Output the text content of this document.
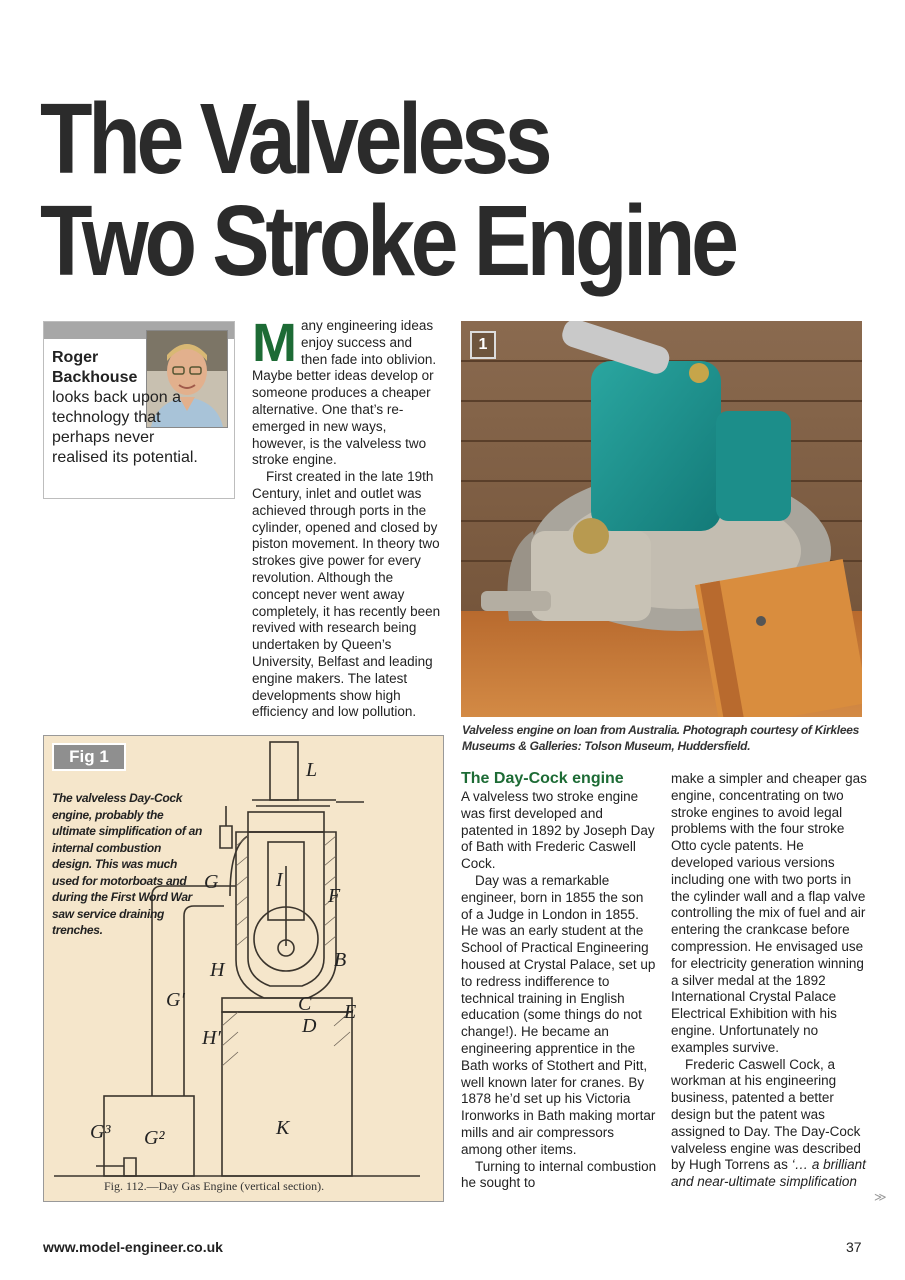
The Valveless
Two Stroke Engine
Roger
Backhouse
looks back upon a technology that perhaps never realised its potential.
M any engineering ideas enjoy success and then fade into oblivion. Maybe better ideas develop or someone produces a cheaper alternative. One that’s re-emerged in new ways, however, is the valveless two stroke engine.

First created in the late 19th Century, inlet and outlet was achieved through ports in the cylinder, opened and closed by piston movement. In theory two strokes give power for every revolution. Although the concept never went away completely, it has recently been revived with research being undertaken by Queen’s University, Belfast and leading engine makers. The latest developments show high efficiency and low pollution.

1
Valveless engine on loan from Australia. Photograph courtesy of Kirklees Museums & Galleries: Tolson Museum, Huddersfield.
L
G
F
I
H	B
G′	C E
D
H′
G³ G²	K
Fig 1
The valveless Day-Cock engine, probably the ultimate simplification of an internal combustion design. This was much used for motorboats and during the First Word War saw service draining trenches.
Fig. 112.—Day Gas Engine (vertical section).
The Day-Cock engine

A valveless two stroke engine was first developed and patented in 1892 by Joseph Day of Bath with Frederic Caswell Cock.

Day was a remarkable engineer, born in 1855 the son of a Judge in London in 1855. He was an early student at the School of Practical Engineering housed at Crystal Palace, set up to redress indifference to technical training in English education (some things do not change!). He became an engineering apprentice in the Bath works of Stothert and Pitt, well known later for cranes. By 1878 he’d set up his Victoria Ironworks in Bath making mortar mills and air compressors among other items.

Turning to internal combustion he sought to

make a simpler and cheaper gas engine, concentrating on two stroke engines to avoid legal problems with the four stroke Otto cycle patents. He developed various versions including one with two ports in the cylinder wall and a flap valve controlling the mix of fuel and air entering the crankcase before compression. He envisaged use for electricity generation winning a silver medal at the 1892 International Crystal Palace Electrical Exhibition with his engine. Unfortunately no examples survive.

Frederic Caswell Cock, a workman at his engineering business, patented a better design but the patent was assigned to Day. The Day-Cock valveless engine was described by Hugh Torrens as ‘… a brilliant and near-ultimate simplification

≫
www.model-engineer.co.uk	37
